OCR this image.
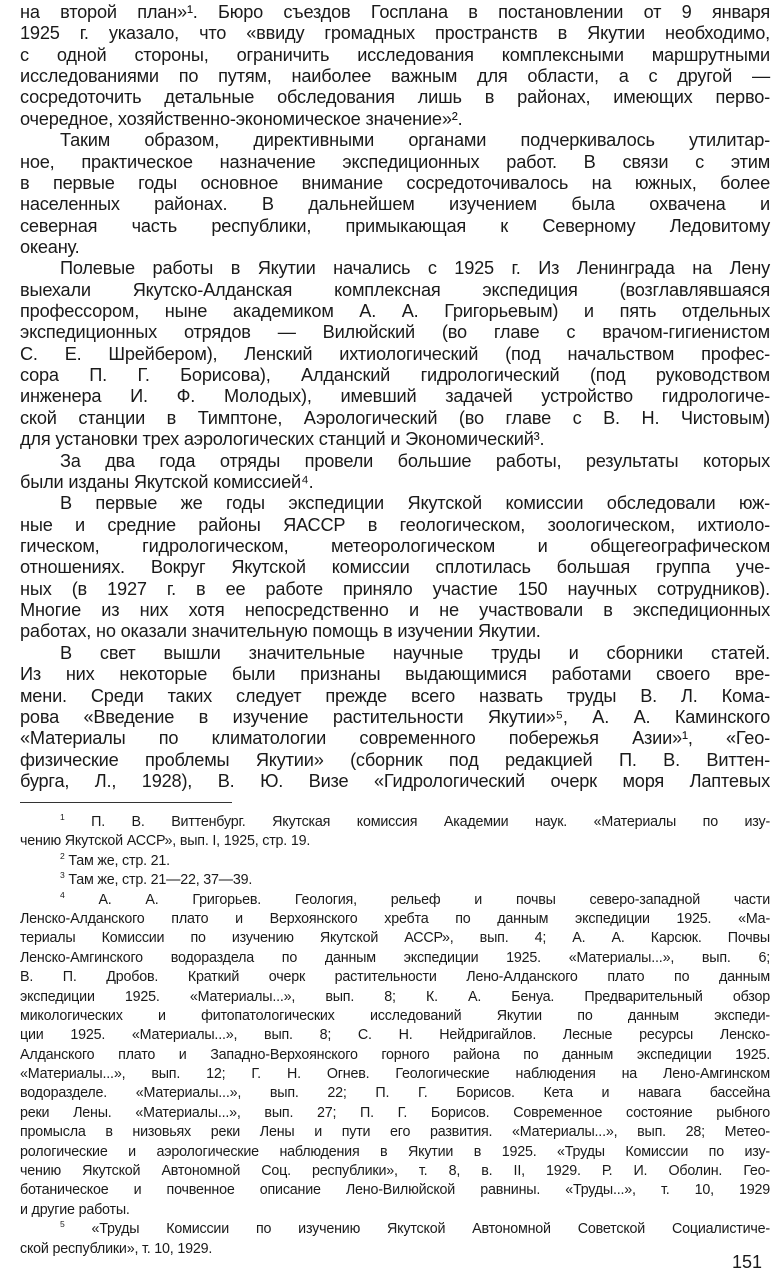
на второй план»¹. Бюро съездов Госплана в постановлении от 9 января
1925 г. указало, что «ввиду громадных пространств в Якутии необходимо,
с одной стороны, ограничить исследования комплексными маршрутными
исследованиями по путям, наиболее важным для области, а с другой —
сосредоточить детальные обследования лишь в районах, имеющих перво-
очередное, хозяйственно-экономическое значение»².
Таким образом, директивными органами подчеркивалось утилитар-
ное, практическое назначение экспедиционных работ. В связи с этим
в первые годы основное внимание сосредоточивалось на южных, более
населенных районах. В дальнейшем изучением была охвачена и
северная часть республики, примыкающая к Северному Ледовитому
океану.
Полевые работы в Якутии начались с 1925 г. Из Ленинграда на Лену
выехали Якутско-Алданская комплексная экспедиция (возглавлявшаяся
профессором, ныне академиком А. А. Григорьевым) и пять отдельных
экспедиционных отрядов — Вилюйский (во главе с врачом-гигиенистом
С. Е. Шрейбером), Ленский ихтиологический (под начальством профес-
сора П. Г. Борисова), Алданский гидрологический (под руководством
инженера И. Ф. Молодых), имевший задачей устройство гидрологиче-
ской станции в Тимптоне, Аэрологический (во главе с В. Н. Чистовым)
для установки трех аэрологических станций и Экономический³.
За два года отряды провели большие работы, результаты которых
были изданы Якутской комиссией⁴.
В первые же годы экспедиции Якутской комиссии обследовали юж-
ные и средние районы ЯАССР в геологическом, зоологическом, ихтиоло-
гическом, гидрологическом, метеорологическом и общегеографическом
отношениях. Вокруг Якутской комиссии сплотилась большая группа уче-
ных (в 1927 г. в ее работе приняло участие 150 научных сотрудников).
Многие из них хотя непосредственно и не участвовали в экспедиционных
работах, но оказали значительную помощь в изучении Якутии.
В свет вышли значительные научные труды и сборники статей.
Из них некоторые были признаны выдающимися работами своего вре-
мени. Среди таких следует прежде всего назвать труды В. Л. Кома-
рова «Введение в изучение растительности Якутии»⁵, А. А. Каминского
«Материалы по климатологии современного побережья Азии»¹, «Гео-
физические проблемы Якутии» (сборник под редакцией П. В. Виттен-
бурга, Л., 1928), В. Ю. Визе «Гидрологический очерк моря Лаптевых
$^1$ П. В. Виттенбург. Якутская комиссия Академии наук. «Материалы по изу-
чению Якутской АССР», вып. I, 1925, стр. 19.
$^2$ Там же, стр. 21.
$^3$ Там же, стр. 21—22, 37—39.
$^4$ А. А. Григорьев. Геология, рельеф и почвы северо-западной части
Ленско-Алданского плато и Верхоянского хребта по данным экспедиции 1925. «Ма-
териалы Комиссии по изучению Якутской АССР», вып. 4; А. А. Карсюк. Почвы
Ленско-Амгинского водораздела по данным экспедиции 1925. «Материалы...», вып. 6;
В. П. Дробов. Краткий очерк растительности Лено-Алданского плато по данным
экспедиции 1925. «Материалы...», вып. 8; К. А. Бенуа. Предварительный обзор
микологических и фитопатологических исследований Якутии по данным экспеди-
ции 1925. «Материалы...», вып. 8; С. Н. Нейдригайлов. Лесные ресурсы Ленско-
Алданского плато и Западно-Верхоянского горного района по данным экспедиции 1925.
«Материалы...», вып. 12; Г. Н. Огнев. Геологические наблюдения на Лено-Амгинском
водоразделе. «Материалы...», вып. 22; П. Г. Борисов. Кета и навага бассейна
реки Лены. «Материалы...», вып. 27; П. Г. Борисов. Современное состояние рыбного
промысла в низовьях реки Лены и пути его развития. «Материалы...», вып. 28; Метео-
рологические и аэрологические наблюдения в Якутии в 1925. «Труды Комиссии по изу-
чению Якутской Автономной Соц. республики», т. 8, в. II, 1929. Р. И. Оболин. Гео-
ботаническое и почвенное описание Лено-Вилюйской равнины. «Труды...», т. 10, 1929
и другие работы.
$^5$ «Труды Комиссии по изучению Якутской Автономной Советской Социалистиче-
ской республики», т. 10, 1929.
151
